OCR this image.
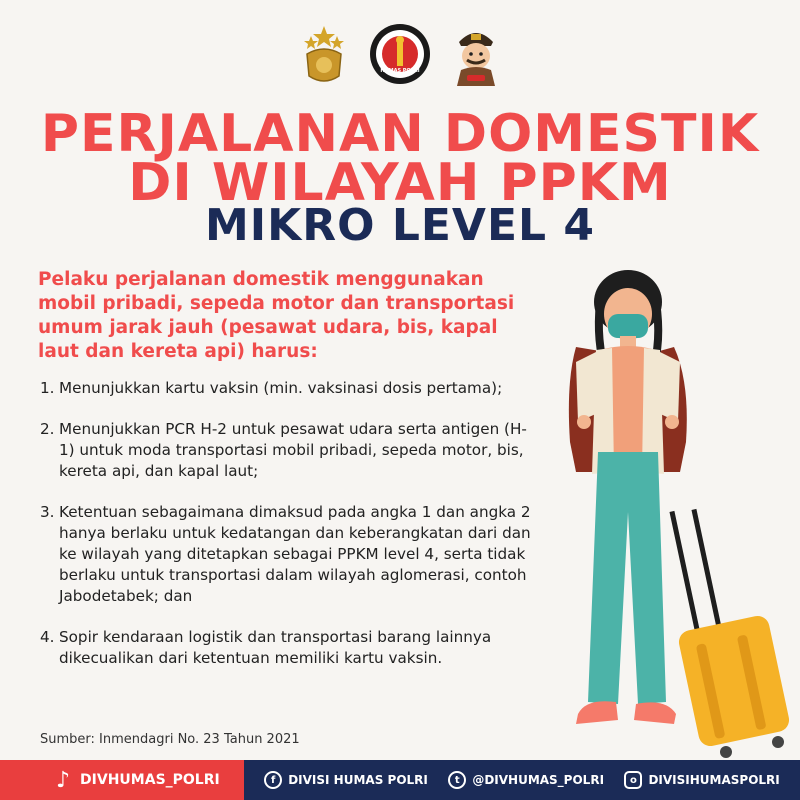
HUMAS POLRI
PERJALANAN DOMESTIK
DI WILAYAH PPKM
MIKRO LEVEL 4
Pelaku perjalanan domestik menggunakan mobil pribadi, sepeda motor dan transportasi umum jarak jauh (pesawat udara, bis, kapal laut dan kereta api) harus:
1. Menunjukkan kartu vaksin (min. vaksinasi dosis pertama);
2. Menunjukkan PCR H-2 untuk pesawat udara serta antigen (H-1) untuk moda transportasi mobil pribadi, sepeda motor, bis, kereta api, dan kapal laut;
3. Ketentuan sebagaimana dimaksud pada angka 1 dan angka 2 hanya berlaku untuk kedatangan dan keberangkatan dari dan ke wilayah yang ditetapkan sebagai PPKM level 4, serta tidak berlaku untuk transportasi dalam wilayah aglomerasi, contoh Jabodetabek; dan
4. Sopir kendaraan logistik dan transportasi barang lainnya dikecualikan dari ketentuan memiliki kartu vaksin.
Sumber: Inmendagri No. 23 Tahun 2021
♪ DIVHUMAS_POLRI	f	DIVISI HUMAS POLRI	t	@DIVHUMAS_POLRI	o DIVISIHUMASPOLRI
